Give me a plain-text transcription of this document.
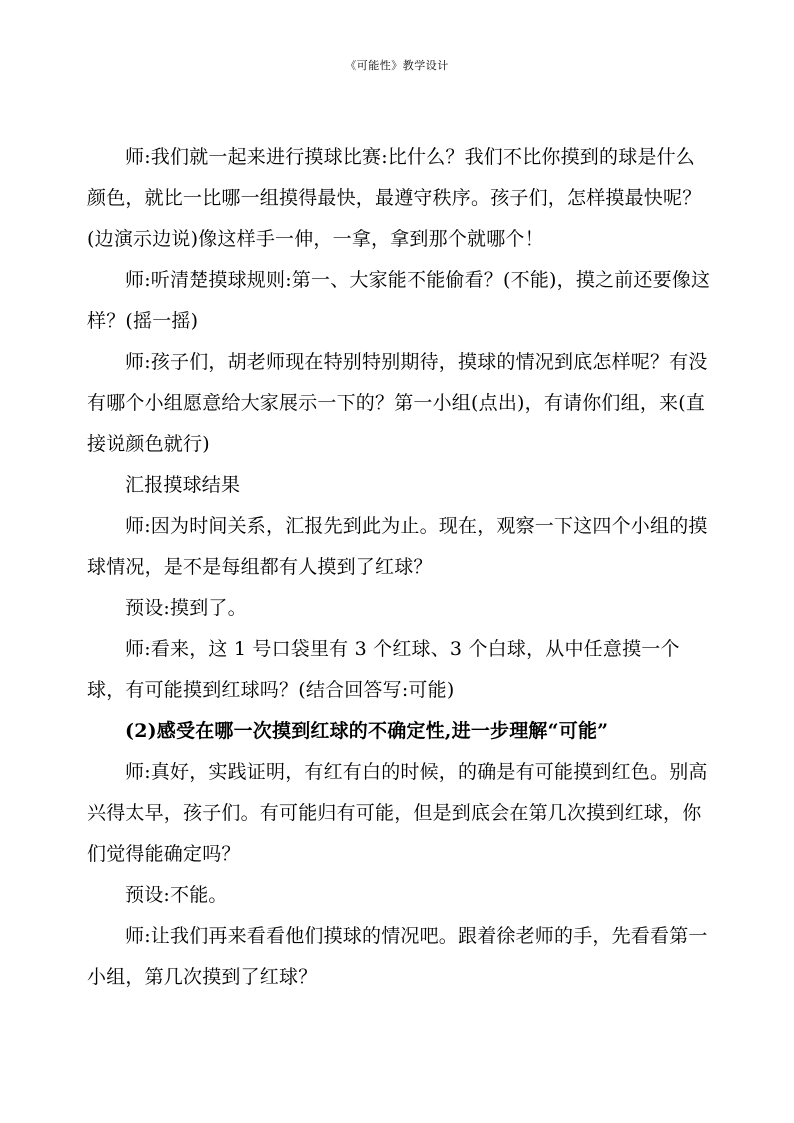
《可能性》教学设计

师:我们就一起来进行摸球比赛:比什么？我们不比你摸到的球是什么颜色，就比一比哪一组摸得最快，最遵守秩序。孩子们，怎样摸最快呢？(边演示边说)像这样手一伸，一拿，拿到那个就哪个！

师:听清楚摸球规则:第一、大家能不能偷看？(不能)，摸之前还要像这样？(摇一摇)

师:孩子们，胡老师现在特别特别期待，摸球的情况到底怎样呢？有没有哪个小组愿意给大家展示一下的？第一小组(点出)，有请你们组，来(直接说颜色就行)

汇报摸球结果

师:因为时间关系，汇报先到此为止。现在，观察一下这四个小组的摸球情况，是不是每组都有人摸到了红球？

预设:摸到了。

师:看来，这 1 号口袋里有 3 个红球、3 个白球，从中任意摸一个球，有可能摸到红球吗？(结合回答写:可能)

(2)感受在哪一次摸到红球的不确定性,进一步理解“可能”

师:真好，实践证明，有红有白的时候，的确是有可能摸到红色。别高兴得太早，孩子们。有可能归有可能，但是到底会在第几次摸到红球，你们觉得能确定吗？

预设:不能。

师:让我们再来看看他们摸球的情况吧。跟着徐老师的手，先看看第一小组，第几次摸到了红球？
